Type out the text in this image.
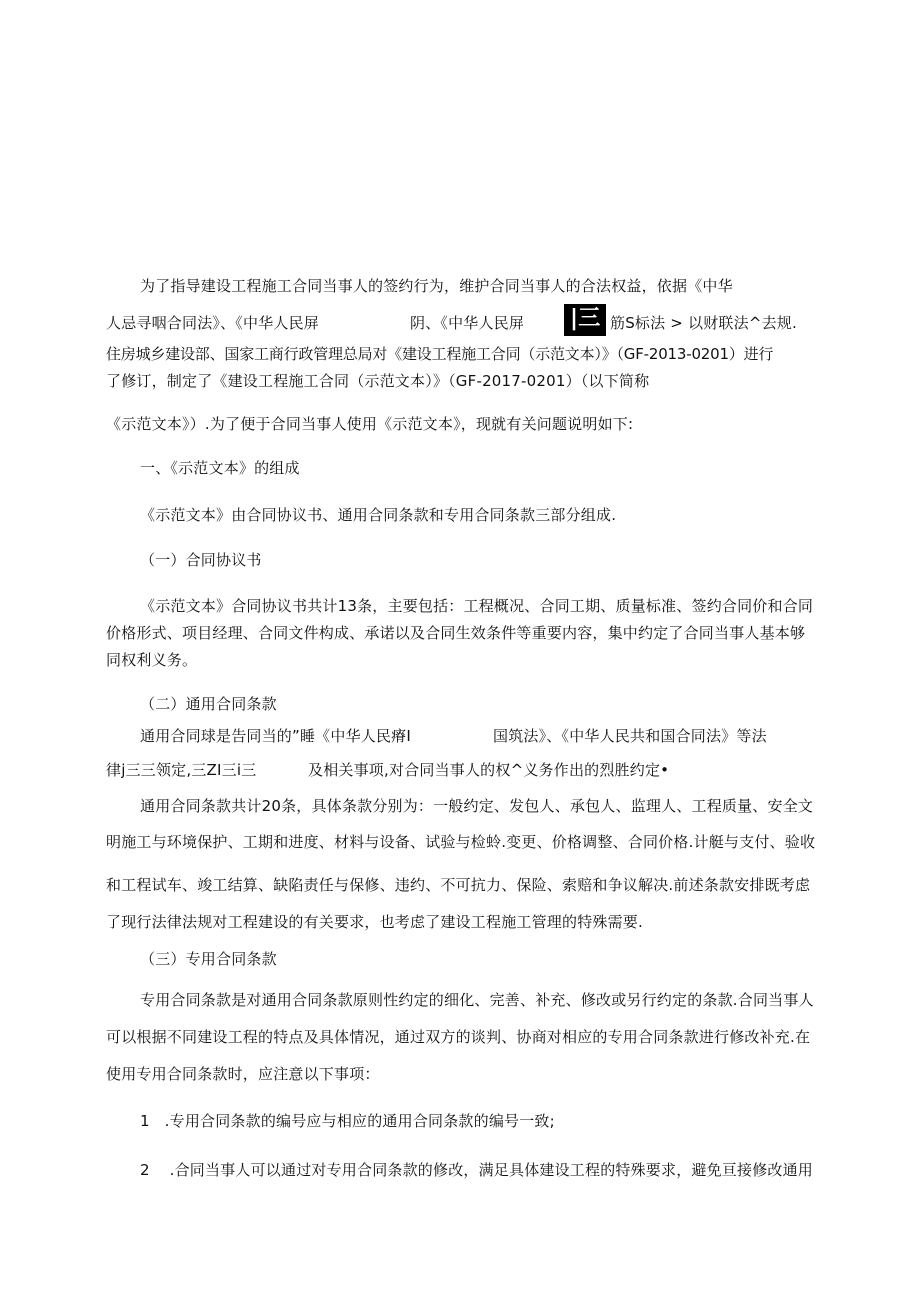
为了指导建设工程施工合同当事人的签约行为，维护合同当事人的合法权益，依据《中华
人忌寻咽合同法》、《中华人民屏	阴、《中华人民屏 |三 筋S标法 > 以财联法^去规.
住房城乡建设部、国家工商行政管理总局对《建设工程施工合同（示范文本）》（GF-2013-0201）进行
了修订，制定了《建设工程施工合同（示范文本）》（GF-2017-0201）（以下简称
《示范文本》）.为了便于合同当事人使用《示范文本》，现就有关问题说明如下:
一、《示范文本》的组成
《示范文本》由合同协议书、通用合同条款和专用合同条款三部分组成.
（一）合同协议书
《示范文本》合同协议书共计13条，主要包括：工程概况、合同工期、质量标准、签约合同价和合同
价格形式、项目经理、合同文件构成、承诺以及合同生效条件等重要内容，集中约定了合同当事人基本够
同权利义务。
（二）通用合同条款
通用合同球是告同当的”睡《中华人民瘠I	国筑法》、《中华人民共和国合同法》等法
律j三三领定,三ZI三i三	及相关事项,对合同当事人的权^义务作出的烈胜约定•
通用合同条款共计20条，具体条款分别为：一般约定、发包人、承包人、监理人、工程质量、安全文
明施工与环境保护、工期和进度、材料与设备、试验与检蛉.变更、价格调整、合同价格.计艇与支付、验收
和工程试车、竣工结算、缺陷责任与保修、违约、不可抗力、保险、索赔和争议解决.前述条款安排既考虑
了现行法律法规对工程建设的有关要求，也考虑了建设工程施工管理的特殊需要.
（三）专用合同条款
专用合同条款是对通用合同条款原则性约定的细化、完善、补充、修改或另行约定的条款.合同当事人
可以根据不同建设工程的特点及具体情况，通过双方的谈判、协商对相应的专用合同条款进行修改补充.在
使用专用合同条款时，应注意以下事项：
1 .专用合同条款的编号应与相应的通用合同条款的编号一致;
2 .合同当事人可以通过对专用合同条款的修改，满足具体建设工程的特殊要求，避免亘接修改通用
